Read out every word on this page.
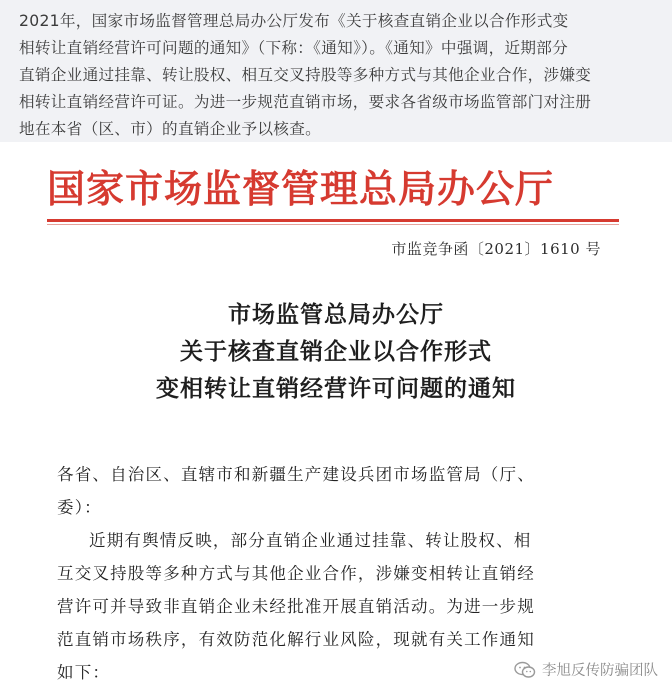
2021年，国家市场监督管理总局办公厅发布《关于核查直销企业以合作形式变
相转让直销经营许可问题的通知》（下称：《通知》）。《通知》中强调，近期部分
直销企业通过挂靠、转让股权、相互交叉持股等多种方式与其他企业合作，涉嫌变
相转让直销经营许可证。为进一步规范直销市场，要求各省级市场监管部门对注册
地在本省（区、市）的直销企业予以核查。

国家市场监督管理总局办公厅
市监竞争函〔2021〕1610 号
市场监管总局办公厅
关于核查直销企业以合作形式
变相转让直销经营许可问题的通知
各省、自治区、直辖市和新疆生产建设兵团市场监管局（厅、
委）：
近期有舆情反映，部分直销企业通过挂靠、转让股权、相
互交叉持股等多种方式与其他企业合作，涉嫌变相转让直销经
营许可并导致非直销企业未经批准开展直销活动。为进一步规
范直销市场秩序，有效防范化解行业风险，现就有关工作通知
如下：	李旭反传防骗团队
